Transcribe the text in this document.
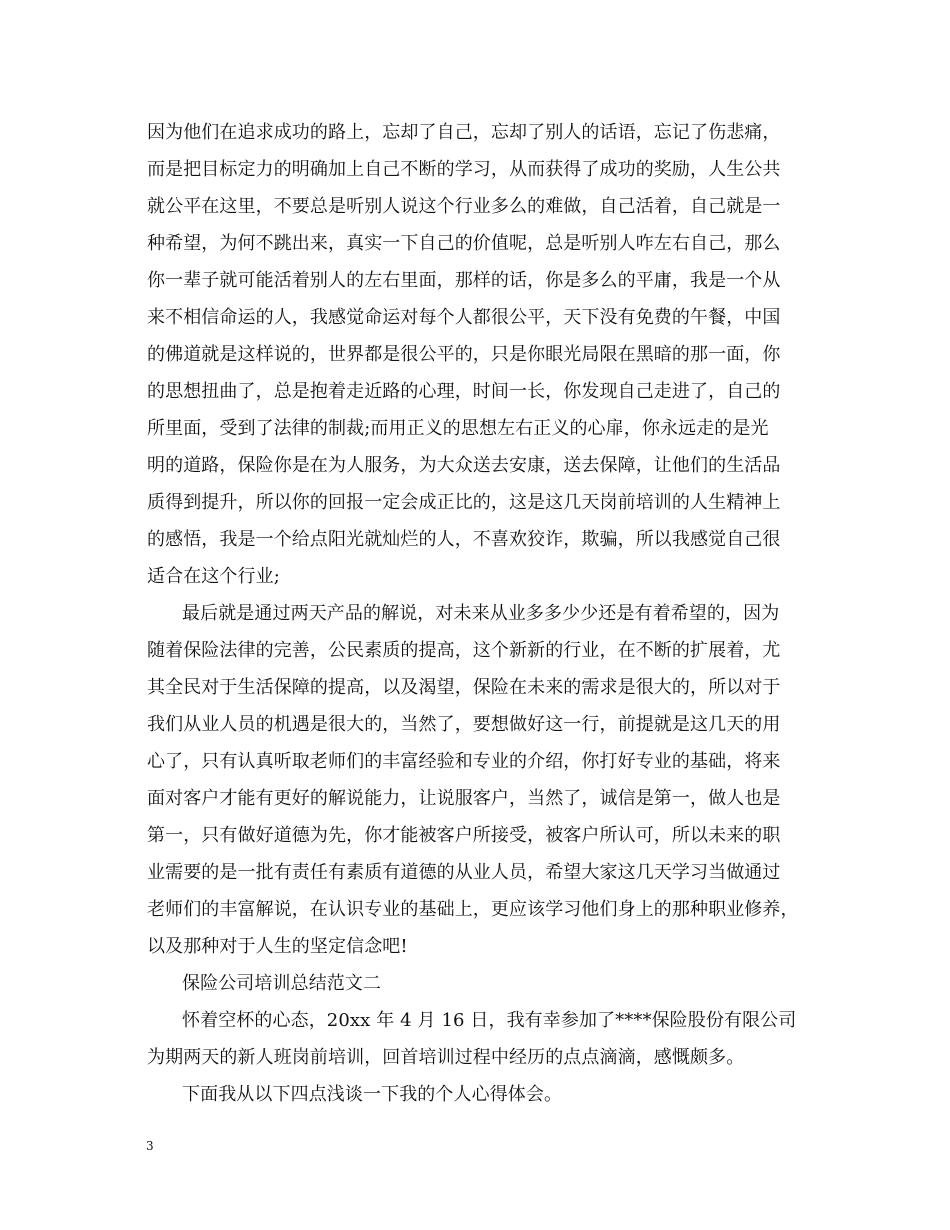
因为他们在追求成功的路上，忘却了自己，忘却了别人的话语，忘记了伤悲痛，
而是把目标定力的明确加上自己不断的学习，从而获得了成功的奖励，人生公共
就公平在这里，不要总是听别人说这个行业多么的难做，自己活着，自己就是一
种希望，为何不跳出来，真实一下自己的价值呢，总是听别人咋左右自己，那么
你一辈子就可能活着别人的左右里面，那样的话，你是多么的平庸，我是一个从
来不相信命运的人，我感觉命运对每个人都很公平，天下没有免费的午餐，中国
的佛道就是这样说的，世界都是很公平的，只是你眼光局限在黑暗的那一面，你
的思想扭曲了，总是抱着走近路的心理，时间一长，你发现自己走进了，自己的
所里面，受到了法律的制裁;而用正义的思想左右正义的心扉，你永远走的是光
明的道路，保险你是在为人服务，为大众送去安康，送去保障，让他们的生活品
质得到提升，所以你的回报一定会成正比的，这是这几天岗前培训的人生精神上
的感悟，我是一个给点阳光就灿烂的人，不喜欢狡诈，欺骗，所以我感觉自己很
适合在这个行业;
最后就是通过两天产品的解说，对未来从业多多少少还是有着希望的，因为
随着保险法律的完善，公民素质的提高，这个新新的行业，在不断的扩展着，尤
其全民对于生活保障的提高，以及渴望，保险在未来的需求是很大的，所以对于
我们从业人员的机遇是很大的，当然了，要想做好这一行，前提就是这几天的用
心了，只有认真听取老师们的丰富经验和专业的介绍，你打好专业的基础，将来
面对客户才能有更好的解说能力，让说服客户，当然了，诚信是第一，做人也是
第一，只有做好道德为先，你才能被客户所接受，被客户所认可，所以未来的职
业需要的是一批有责任有素质有道德的从业人员，希望大家这几天学习当做通过
老师们的丰富解说，在认识专业的基础上，更应该学习他们身上的那种职业修养，
以及那种对于人生的坚定信念吧!
保险公司培训总结范文二
怀着空杯的心态，20xx 年 4 月 16 日，我有幸参加了****保险股份有限公司
为期两天的新人班岗前培训，回首培训过程中经历的点点滴滴，感慨颇多。
下面我从以下四点浅谈一下我的个人心得体会。
3
